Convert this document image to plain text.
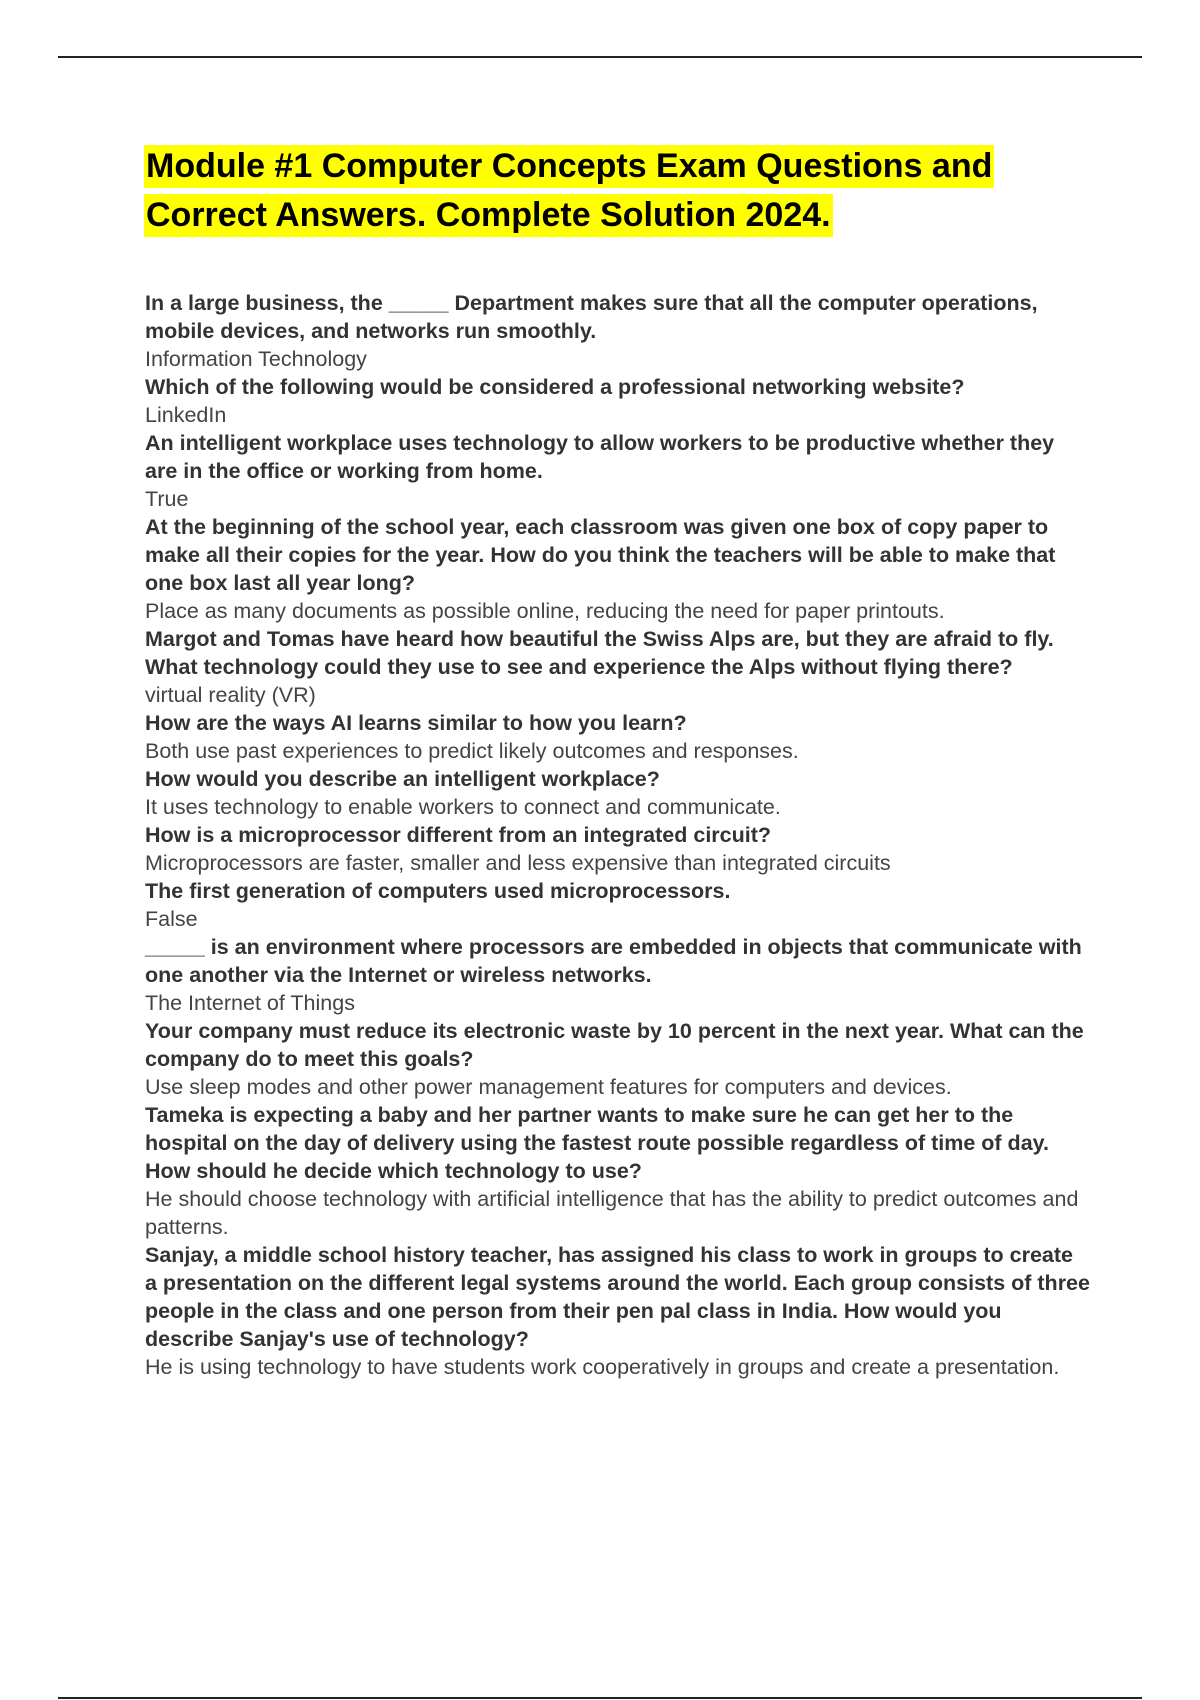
Module #1 Computer Concepts Exam Questions and Correct Answers. Complete Solution 2024.
In a large business, the _____ Department makes sure that all the computer operations, mobile devices, and networks run smoothly.
Information Technology
Which of the following would be considered a professional networking website?
LinkedIn
An intelligent workplace uses technology to allow workers to be productive whether they are in the office or working from home.
True
At the beginning of the school year, each classroom was given one box of copy paper to make all their copies for the year. How do you think the teachers will be able to make that one box last all year long?
Place as many documents as possible online, reducing the need for paper printouts.
Margot and Tomas have heard how beautiful the Swiss Alps are, but they are afraid to fly. What technology could they use to see and experience the Alps without flying there?
virtual reality (VR)
How are the ways AI learns similar to how you learn?
Both use past experiences to predict likely outcomes and responses.
How would you describe an intelligent workplace?
It uses technology to enable workers to connect and communicate.
How is a microprocessor different from an integrated circuit?
Microprocessors are faster, smaller and less expensive than integrated circuits
The first generation of computers used microprocessors.
False
_____ is an environment where processors are embedded in objects that communicate with one another via the Internet or wireless networks.
The Internet of Things
Your company must reduce its electronic waste by 10 percent in the next year. What can the company do to meet this goals?
Use sleep modes and other power management features for computers and devices.
Tameka is expecting a baby and her partner wants to make sure he can get her to the hospital on the day of delivery using the fastest route possible regardless of time of day. How should he decide which technology to use?
He should choose technology with artificial intelligence that has the ability to predict outcomes and patterns.
Sanjay, a middle school history teacher, has assigned his class to work in groups to create a presentation on the different legal systems around the world. Each group consists of three people in the class and one person from their pen pal class in India. How would you describe Sanjay's use of technology?
He is using technology to have students work cooperatively in groups and create a presentation.
